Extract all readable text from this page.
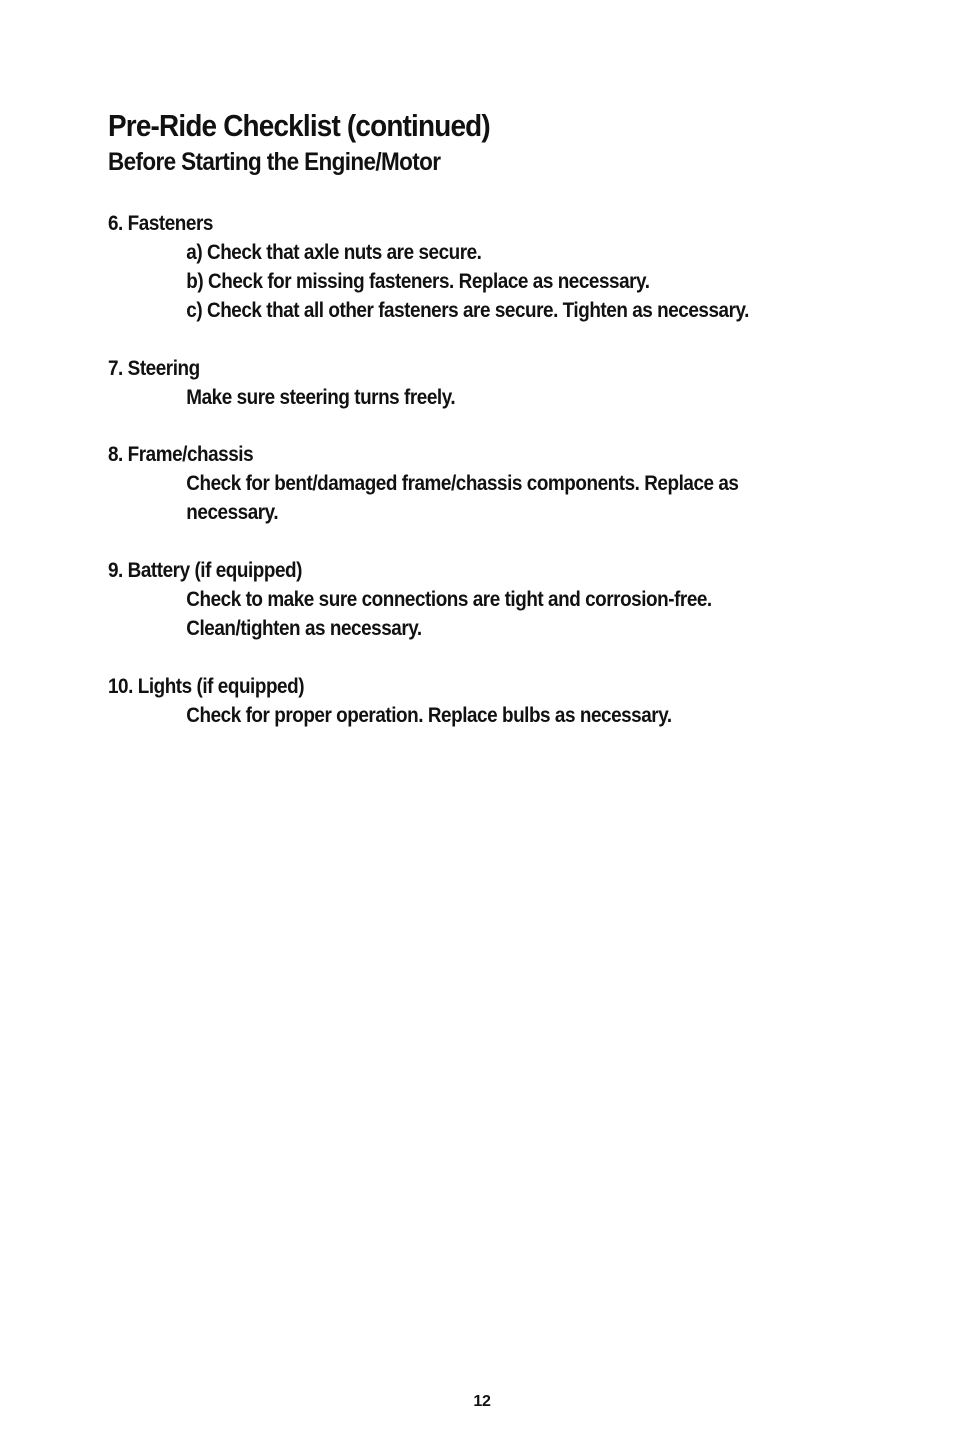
Pre-Ride Checklist (continued)
Before Starting the Engine/Motor
6. Fasteners
a) Check that axle nuts are secure.
b) Check for missing fasteners. Replace as necessary.
c) Check that all other fasteners are secure. Tighten as necessary.
7. Steering
Make sure steering turns freely.
8. Frame/chassis
Check for bent/damaged frame/chassis components. Replace as
necessary.
9. Battery (if equipped)
Check to make sure connections are tight and corrosion-free.
Clean/tighten as necessary.
10. Lights (if equipped)
Check for proper operation. Replace bulbs as necessary.
12
